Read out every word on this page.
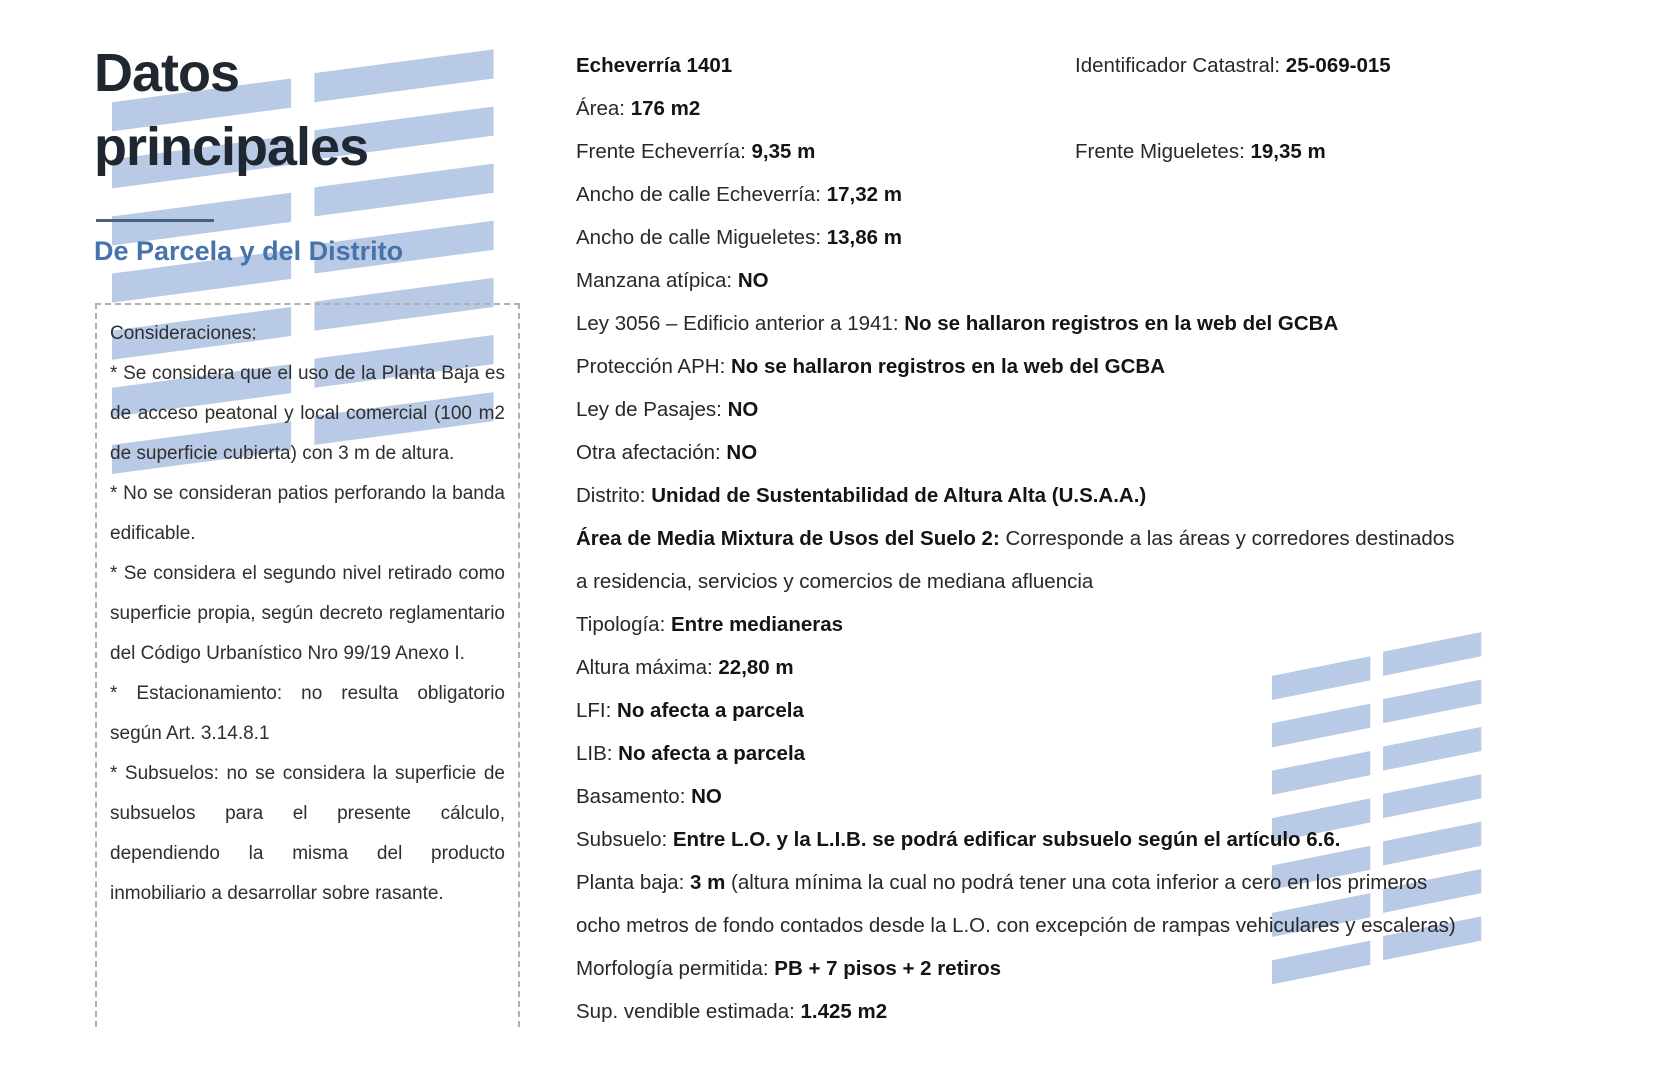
Datos
principales
De Parcela y del Distrito

Consideraciones:

* Se considera que el uso de la Planta Baja es de acceso peatonal y local comercial (100 m2 de superficie cubierta) con 3 m de altura.

* No se consideran patios perforando la banda edificable.

* Se considera el segundo nivel retirado como superficie propia, según decreto reglamentario del Código Urbanístico Nro 99/19 Anexo I.

* Estacionamiento: no resulta obligatorio según Art. 3.14.8.1

* Subsuelos: no se considera la superficie de subsuelos para el presente cálculo, dependiendo la misma del producto inmobiliario a desarrollar sobre rasante.

Echeverría 1401
Área: 176 m2
Frente Echeverría: 9,35 m
Ancho de calle Echeverría: 17,32 m
Ancho de calle Migueletes: 13,86 m
Manzana atípica: NO
Ley 3056 – Edificio anterior a 1941: No se hallaron registros en la web del GCBA
Protección APH: No se hallaron registros en la web del GCBA
Ley de Pasajes: NO
Otra afectación: NO
Distrito: Unidad de Sustentabilidad de Altura Alta (U.S.A.A.)
Área de Media Mixtura de Usos del Suelo 2: Corresponde a las áreas y corredores destinados
a residencia, servicios y comercios de mediana afluencia
Tipología: Entre medianeras
Altura máxima: 22,80 m
LFI: No afecta a parcela
LIB: No afecta a parcela
Basamento: NO
Subsuelo: Entre L.O. y la L.I.B. se podrá edificar subsuelo según el artículo 6.6.
Planta baja: 3 m (altura mínima la cual no podrá tener una cota inferior a cero en los primeros
ocho metros de fondo contados desde la L.O. con excepción de rampas vehiculares y escaleras)
Morfología permitida: PB + 7 pisos + 2 retiros
Sup. vendible estimada: 1.425 m2
Identificador Catastral: 25-069-015
Frente Migueletes: 19,35 m
